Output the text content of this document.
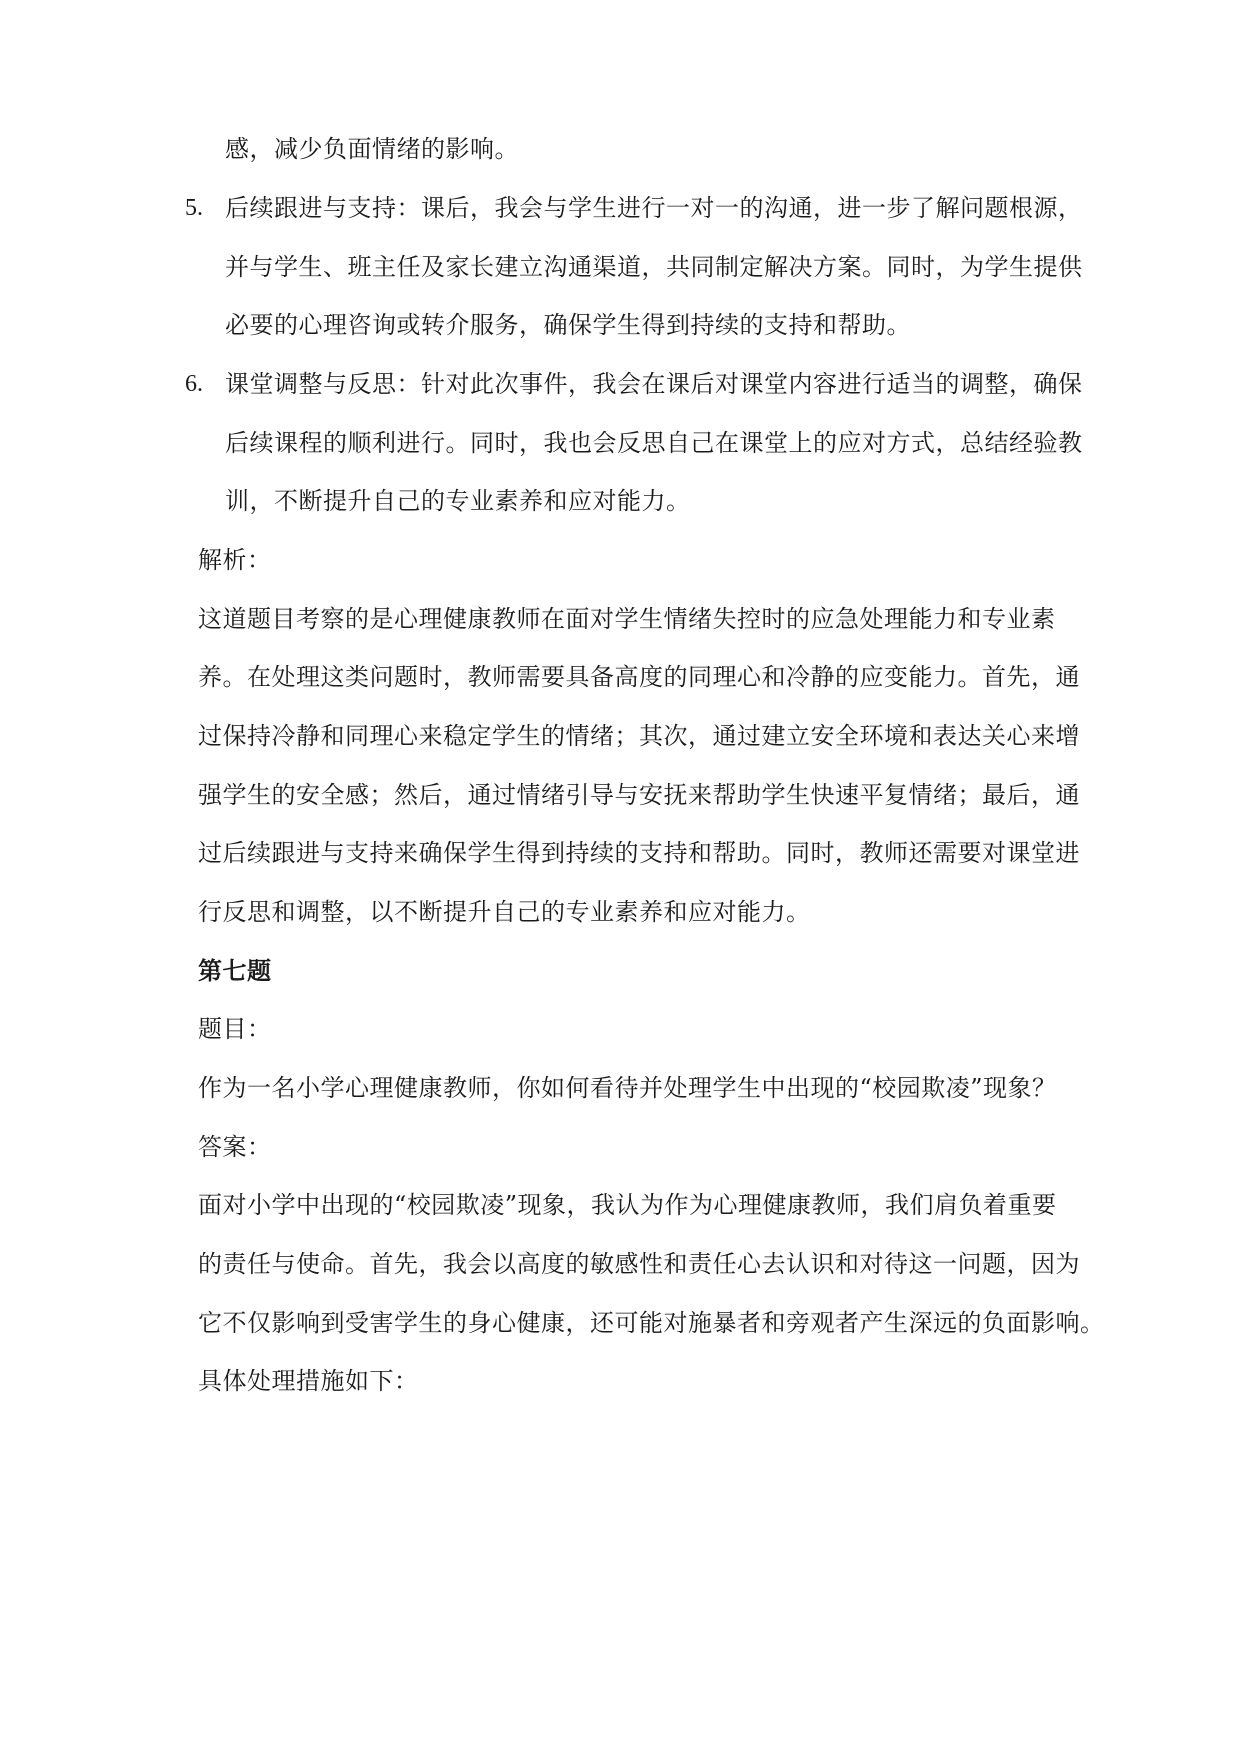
感，减少负面情绪的影响。
5. 后续跟进与支持：课后，我会与学生进行一对一的沟通，进一步了解问题根源，
并与学生、班主任及家长建立沟通渠道，共同制定解决方案。同时，为学生提供
必要的心理咨询或转介服务，确保学生得到持续的支持和帮助。
6. 课堂调整与反思：针对此次事件，我会在课后对课堂内容进行适当的调整，确保
后续课程的顺利进行。同时，我也会反思自己在课堂上的应对方式，总结经验教
训，不断提升自己的专业素养和应对能力。
解析：
这道题目考察的是心理健康教师在面对学生情绪失控时的应急处理能力和专业素
养。在处理这类问题时，教师需要具备高度的同理心和冷静的应变能力。首先，通
过保持冷静和同理心来稳定学生的情绪；其次，通过建立安全环境和表达关心来增
强学生的安全感；然后，通过情绪引导与安抚来帮助学生快速平复情绪；最后，通
过后续跟进与支持来确保学生得到持续的支持和帮助。同时，教师还需要对课堂进
行反思和调整，以不断提升自己的专业素养和应对能力。
第七题
题目：
作为一名小学心理健康教师，你如何看待并处理学生中出现的“校园欺凌”现象？
答案：
面对小学中出现的“校园欺凌”现象，我认为作为心理健康教师，我们肩负着重要
的责任与使命。首先，我会以高度的敏感性和责任心去认识和对待这一问题，因为
它不仅影响到受害学生的身心健康，还可能对施暴者和旁观者产生深远的负面影响。
具体处理措施如下：
